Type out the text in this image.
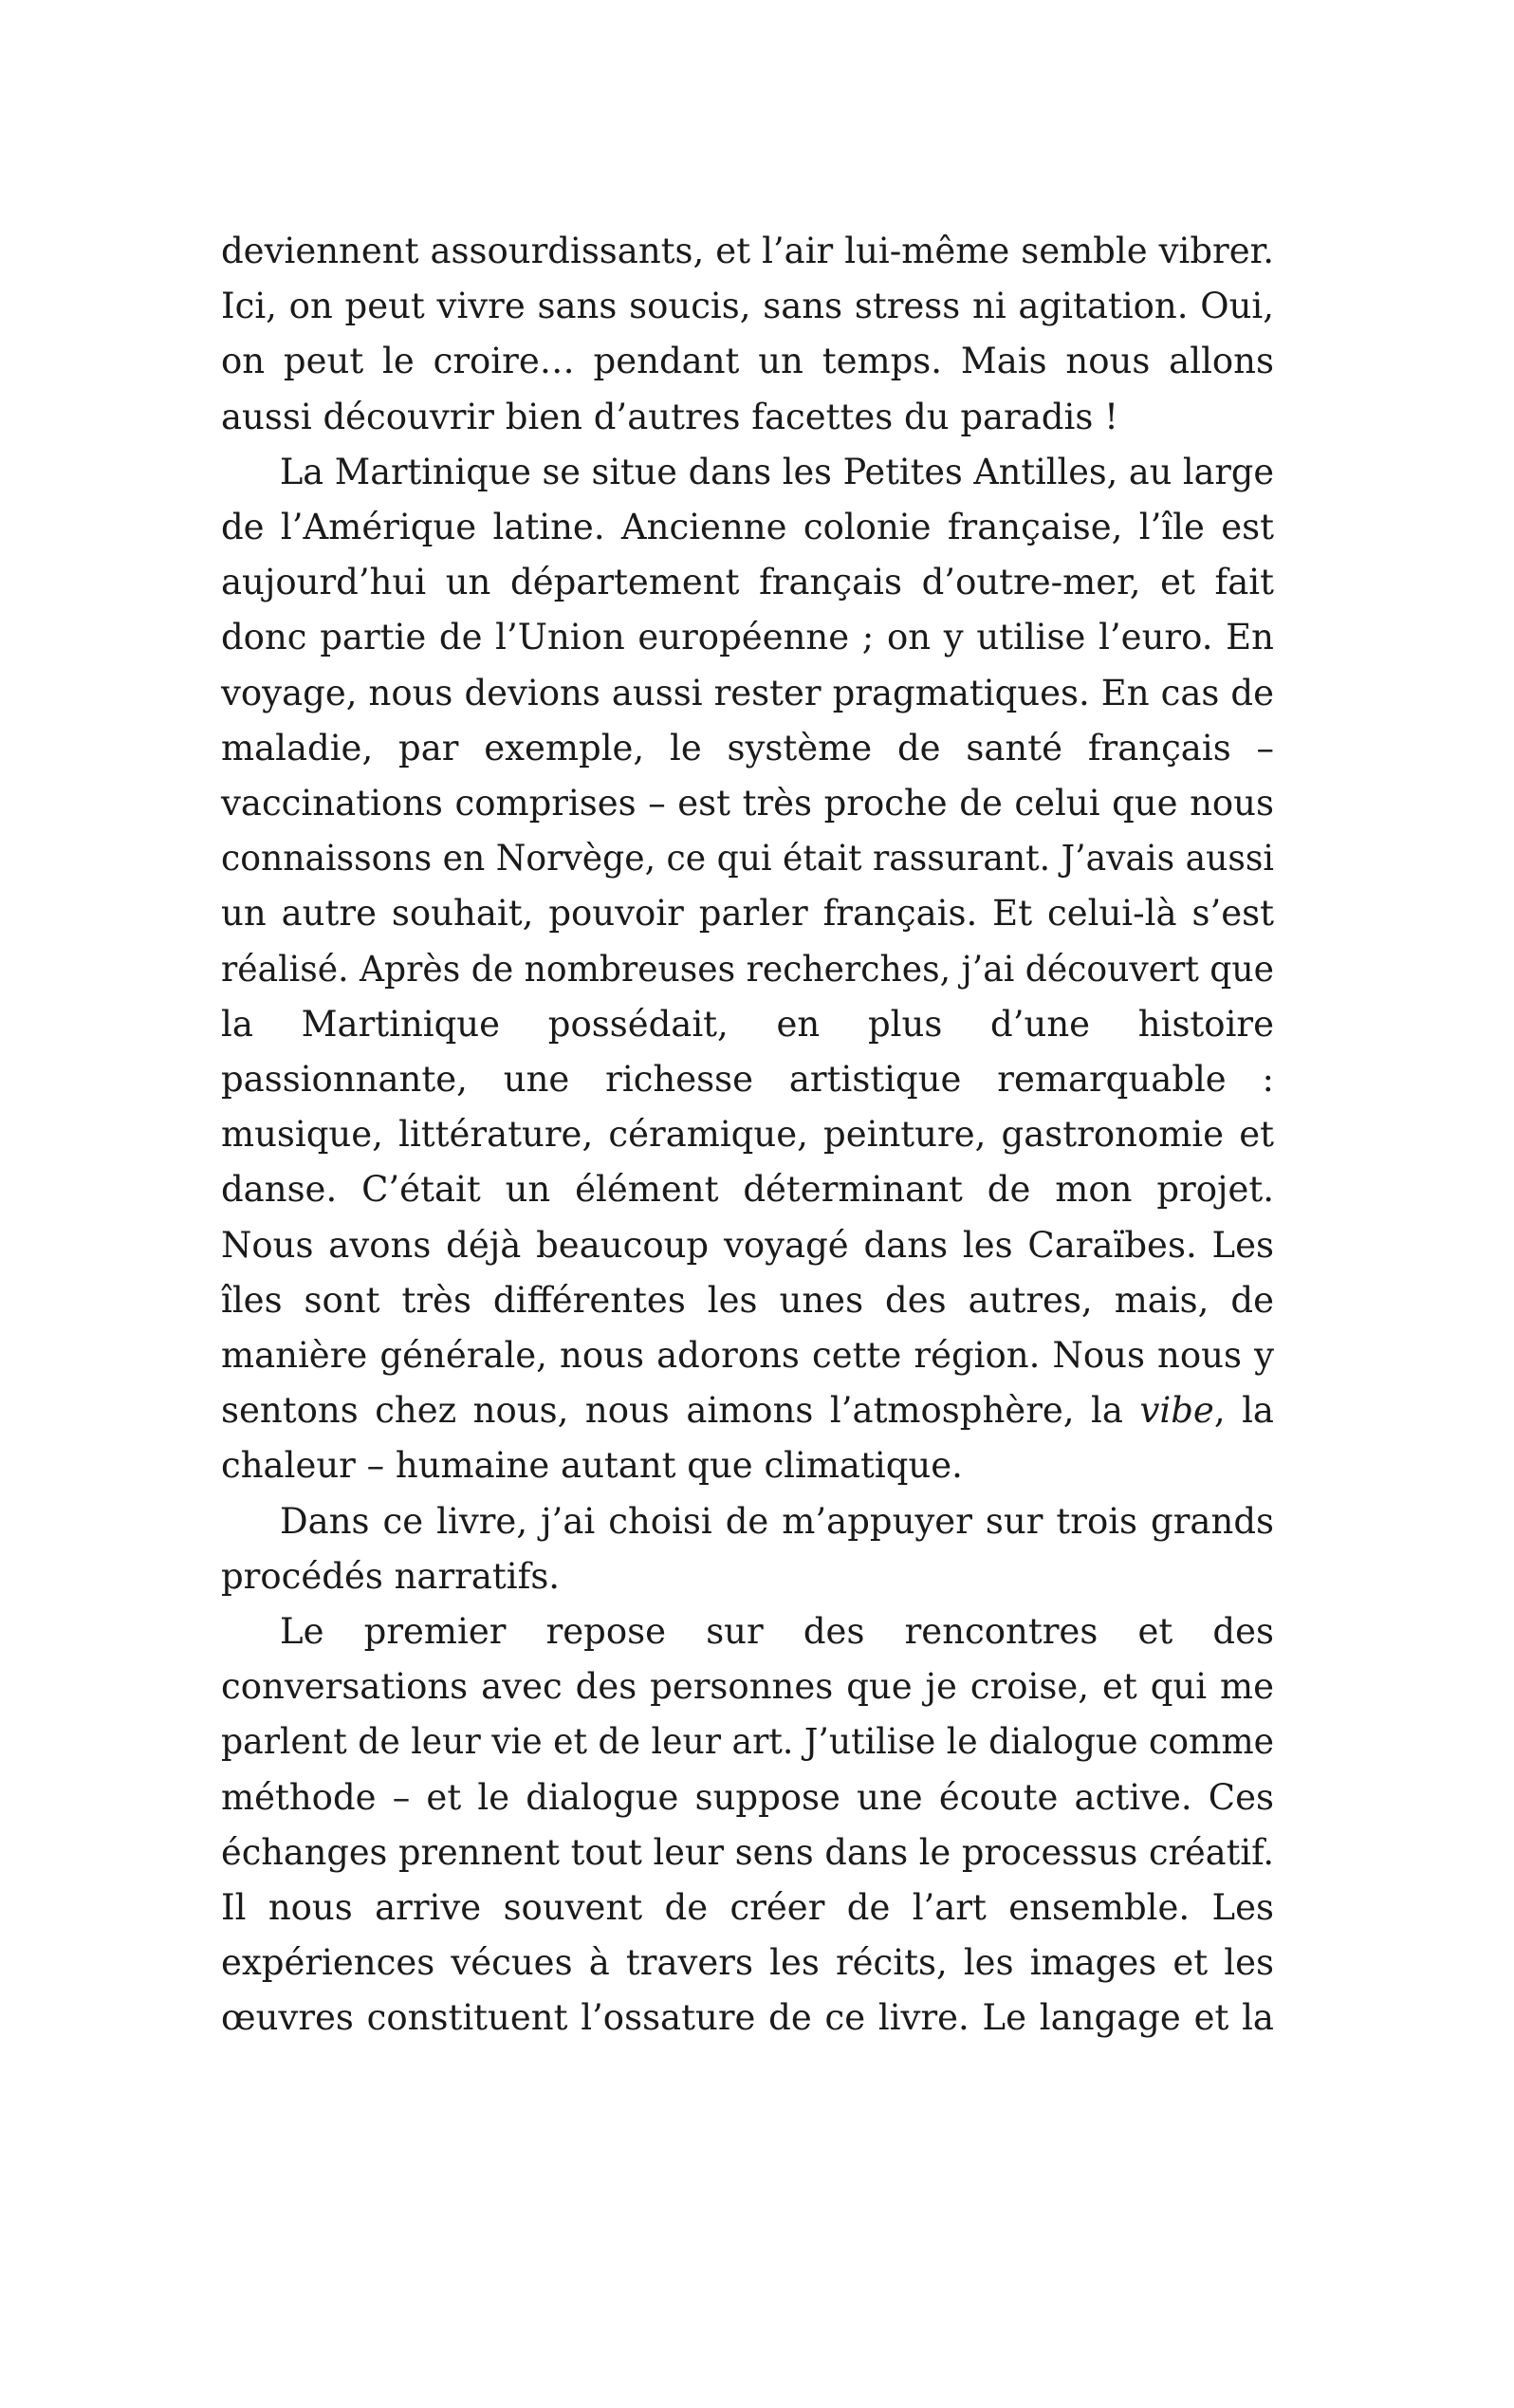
deviennent assourdissants, et l’air lui-même semble vibrer.
Ici, on peut vivre sans soucis, sans stress ni agitation. Oui,
on peut le croire… pendant un temps. Mais nous allons
aussi découvrir bien d’autres facettes du paradis !
La Martinique se situe dans les Petites Antilles, au large
de l’Amérique latine. Ancienne colonie française, l’île est
aujourd’hui un département français d’outre-mer, et fait
donc partie de l’Union européenne ; on y utilise l’euro. En
voyage, nous devions aussi rester pragmatiques. En cas de
maladie, par exemple, le système de santé français –
vaccinations comprises – est très proche de celui que nous
connaissons en Norvège, ce qui était rassurant. J’avais aussi
un autre souhait, pouvoir parler français. Et celui-là s’est
réalisé. Après de nombreuses recherches, j’ai découvert que
la Martinique possédait, en plus d’une histoire
passionnante, une richesse artistique remarquable :
musique, littérature, céramique, peinture, gastronomie et
danse. C’était un élément déterminant de mon projet.
Nous avons déjà beaucoup voyagé dans les Caraïbes. Les
îles sont très différentes les unes des autres, mais, de
manière générale, nous adorons cette région. Nous nous y
sentons chez nous, nous aimons l’atmosphère, la vibe, la
chaleur – humaine autant que climatique.
Dans ce livre, j’ai choisi de m’appuyer sur trois grands
procédés narratifs.
Le premier repose sur des rencontres et des
conversations avec des personnes que je croise, et qui me
parlent de leur vie et de leur art. J’utilise le dialogue comme
méthode – et le dialogue suppose une écoute active. Ces
échanges prennent tout leur sens dans le processus créatif.
Il nous arrive souvent de créer de l’art ensemble. Les
expériences vécues à travers les récits, les images et les
œuvres constituent l’ossature de ce livre. Le langage et la
